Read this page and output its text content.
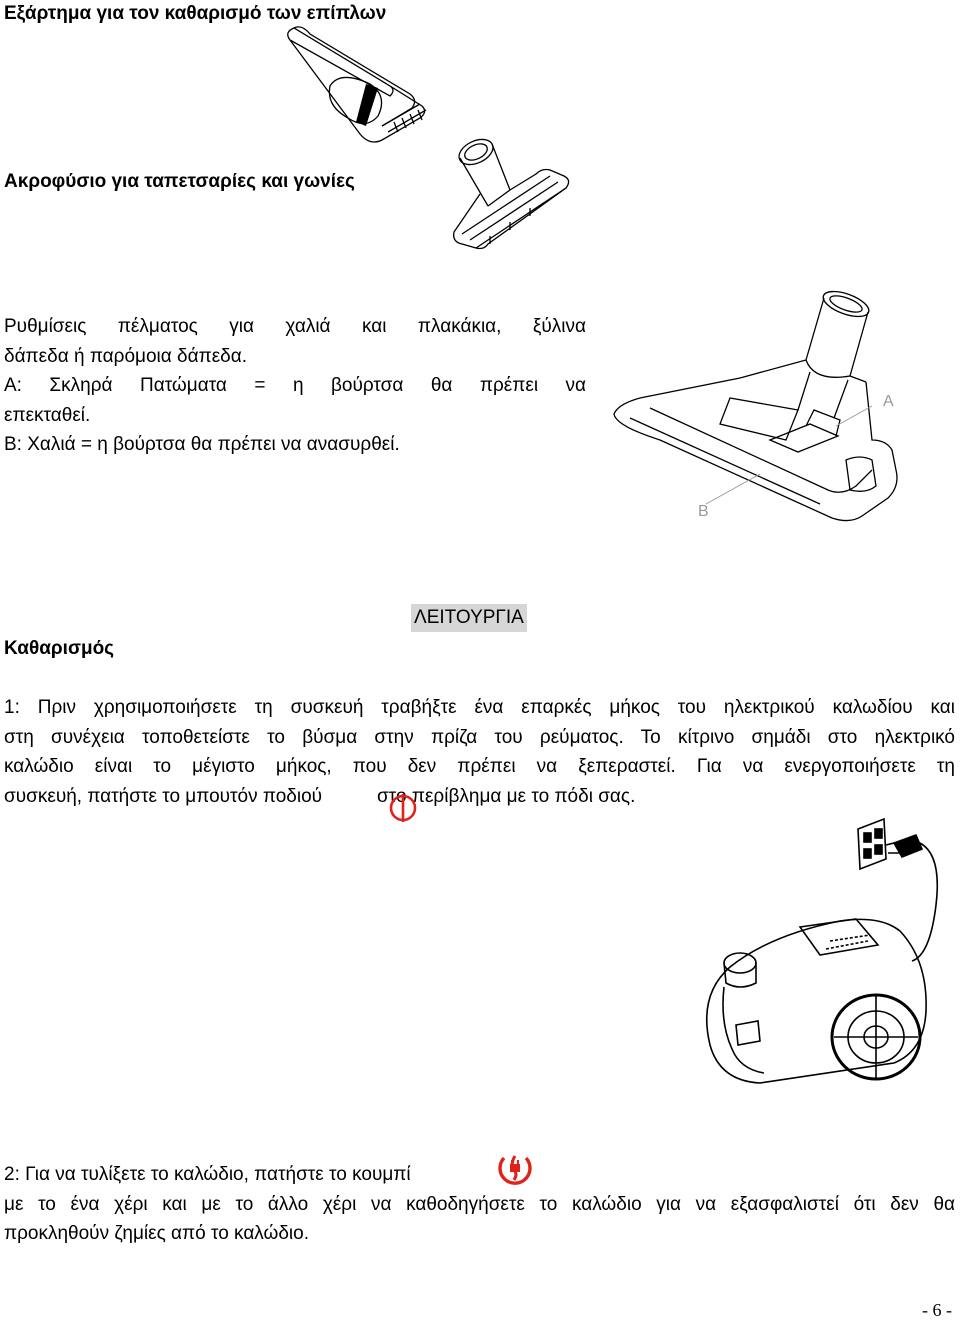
Εξάρτημα για τον καθαρισμό των επίπλων
Ακροφύσιο για ταπετσαρίες και γωνίες
Ρυθμίσεις πέλματος για χαλιά και πλακάκια, ξύλινα
δάπεδα ή παρόμοια δάπεδα.
Α: Σκληρά Πατώματα = η βούρτσα θα πρέπει να
επεκταθεί.
Β: Χαλιά = η βούρτσα θα πρέπει να ανασυρθεί.
A
B
ΛΕΙΤΟΥΡΓΙΑ
Καθαρισμός
1: Πριν χρησιμοποιήσετε τη συσκευή τραβήξτε ένα επαρκές μήκος του ηλεκτρικού καλωδίου και
στη συνέχεια τοποθετείστε το βύσμα στην πρίζα του ρεύματος. Το κίτρινο σημάδι στο ηλεκτρικό
καλώδιο είναι το μέγιστο μήκος, που δεν πρέπει να ξεπεραστεί. Για να ενεργοποιήσετε τη
συσκευή, πατήστε το μπουτόν ποδιού	στο περίβλημα με το πόδι σας.
2: Για να τυλίξετε το καλώδιο, πατήστε το κουμπί
με το ένα χέρι και με το άλλο χέρι να καθοδηγήσετε το καλώδιο για να εξασφαλιστεί ότι δεν θα
προκληθούν ζημίες από το καλώδιο.
- 6 -
